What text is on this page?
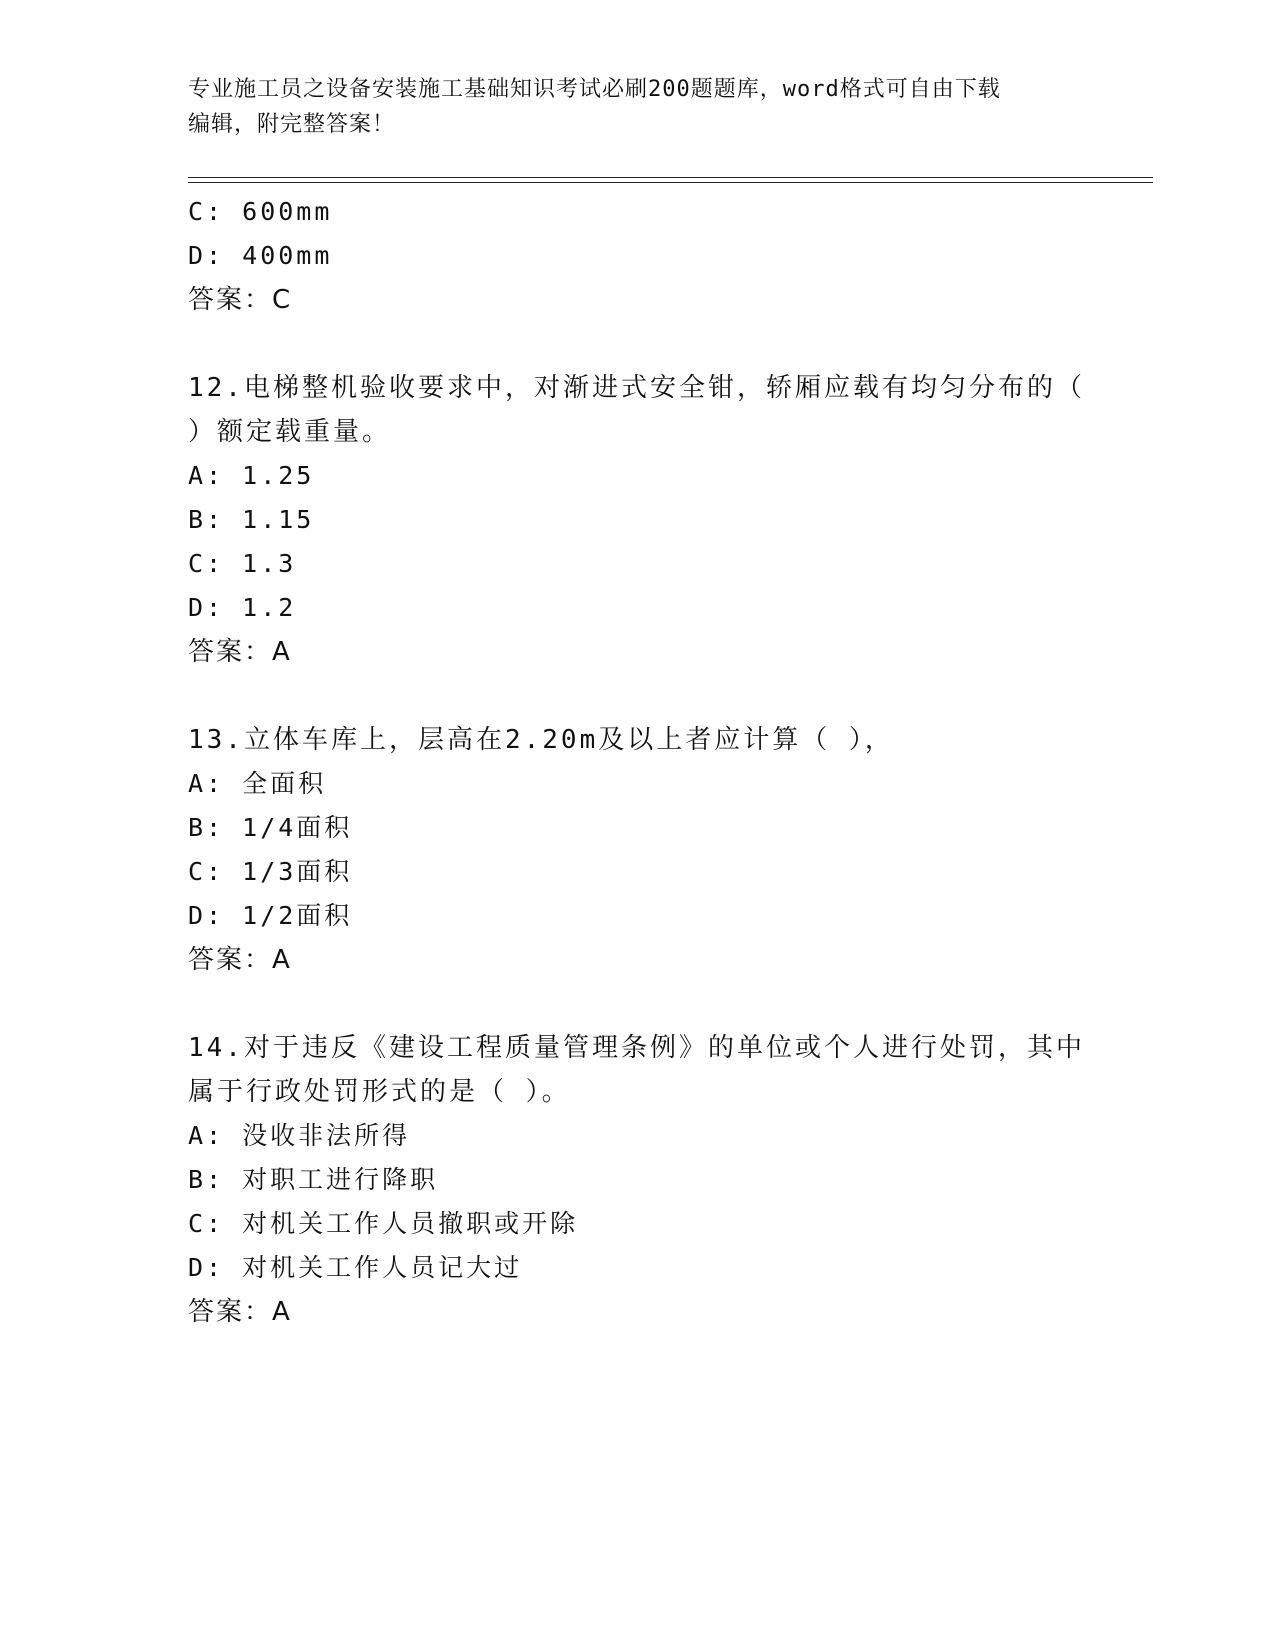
专业施工员之设备安装施工基础知识考试必刷200题题库，word格式可自由下载
编辑，附完整答案！
C: 600mm
D: 400mm
答案：C
12.电梯整机验收要求中，对渐进式安全钳，轿厢应载有均匀分布的（
）额定载重量。
A: 1.25
B: 1.15
C: 1.3
D: 1.2
答案：A
13.立体车库上，层高在2.20m及以上者应计算（ ），
A: 全面积
B: 1/4面积
C: 1/3面积
D: 1/2面积
答案：A
14.对于违反《建设工程质量管理条例》的单位或个人进行处罚，其中
属于行政处罚形式的是（ ）。
A: 没收非法所得
B: 对职工进行降职
C: 对机关工作人员撤职或开除
D: 对机关工作人员记大过
答案：A
